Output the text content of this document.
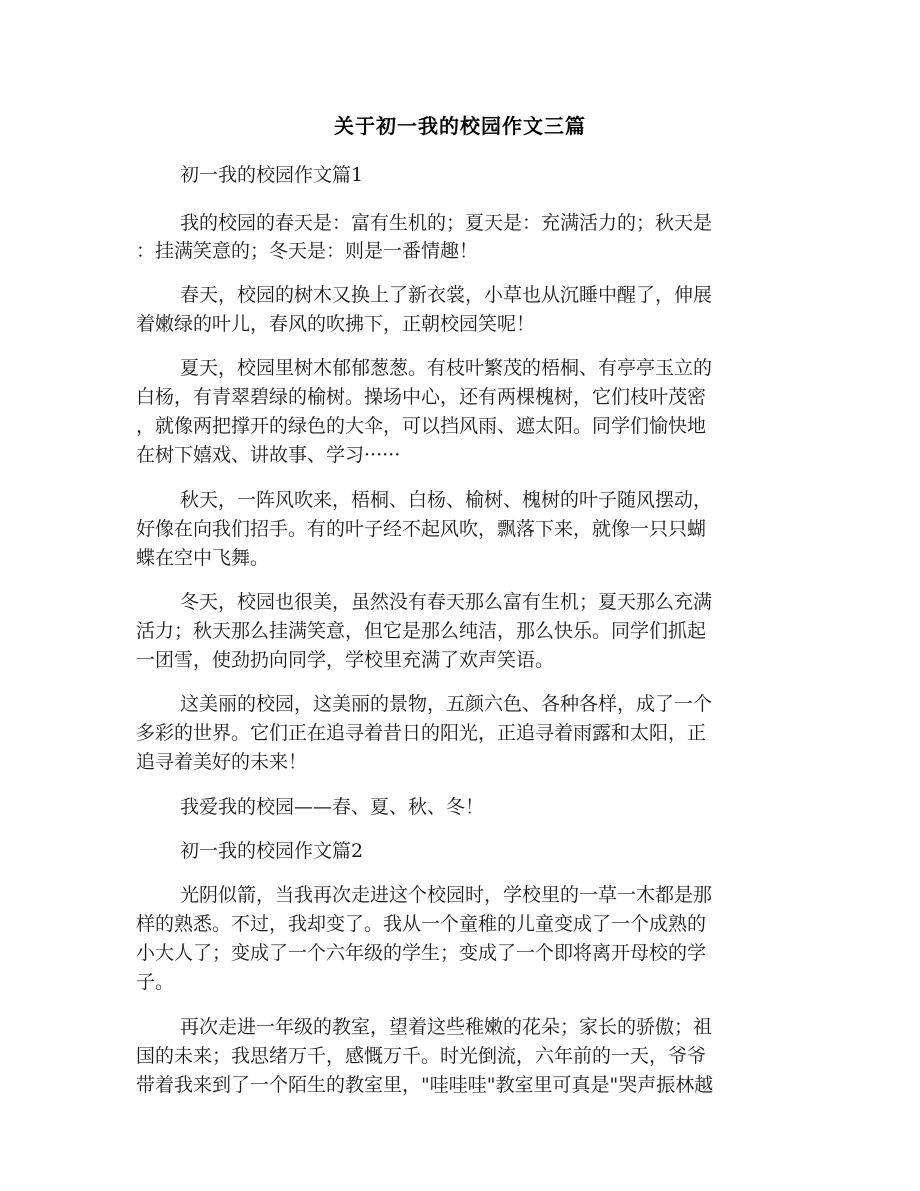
关于初一我的校园作文三篇
初一我的校园作文篇1
我的校园的春天是：富有生机的；夏天是：充满活力的；秋天是
：挂满笑意的；冬天是：则是一番情趣！
春天，校园的树木又换上了新衣裳，小草也从沉睡中醒了，伸展
着嫩绿的叶儿，春风的吹拂下，正朝校园笑呢！
夏天，校园里树木郁郁葱葱。有枝叶繁茂的梧桐、有亭亭玉立的
白杨，有青翠碧绿的榆树。操场中心，还有两棵槐树，它们枝叶茂密
，就像两把撑开的绿色的大伞，可以挡风雨、遮太阳。同学们愉快地
在树下嬉戏、讲故事、学习······
秋天，一阵风吹来，梧桐、白杨、榆树、槐树的叶子随风摆动，
好像在向我们招手。有的叶子经不起风吹，飘落下来，就像一只只蝴
蝶在空中飞舞。
冬天，校园也很美，虽然没有春天那么富有生机；夏天那么充满
活力；秋天那么挂满笑意，但它是那么纯洁，那么快乐。同学们抓起
一团雪，使劲扔向同学，学校里充满了欢声笑语。
这美丽的校园，这美丽的景物，五颜六色、各种各样，成了一个
多彩的世界。它们正在追寻着昔日的阳光，正追寻着雨露和太阳，正
追寻着美好的未来！
我爱我的校园——春、夏、秋、冬！
初一我的校园作文篇2
光阴似箭，当我再次走进这个校园时，学校里的一草一木都是那
样的熟悉。不过，我却变了。我从一个童稚的儿童变成了一个成熟的
小大人了；变成了一个六年级的学生；变成了一个即将离开母校的学
子。
再次走进一年级的教室，望着这些稚嫩的花朵；家长的骄傲；祖
国的未来；我思绪万千，感慨万千。时光倒流，六年前的一天，爷爷
带着我来到了一个陌生的教室里，"哇哇哇"教室里可真是"哭声振林越
